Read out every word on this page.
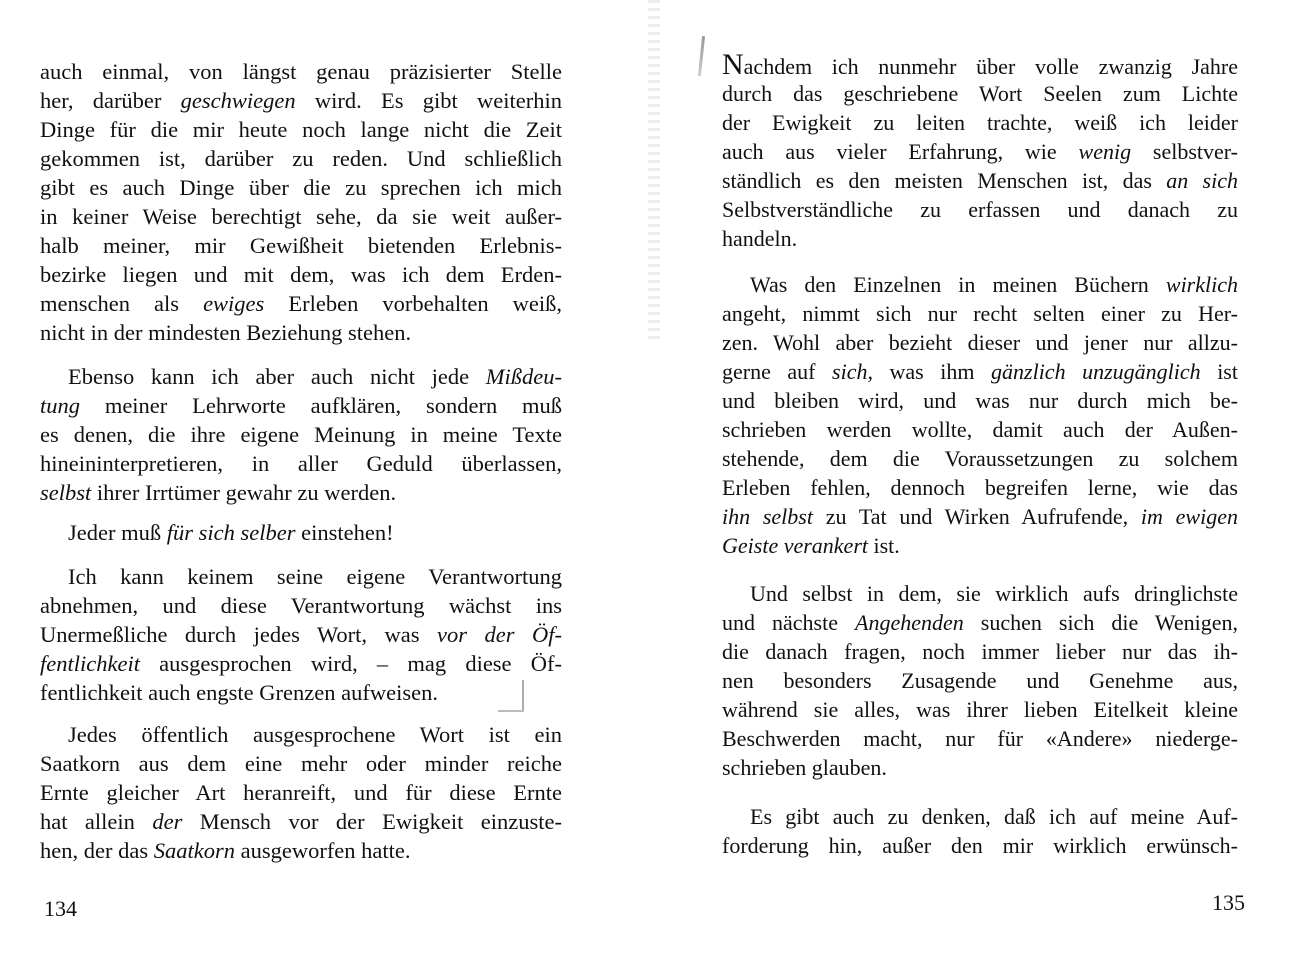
auch einmal, von längst genau präzisierter Stelle
her, darüber geschwiegen wird. Es gibt weiterhin
Dinge für die mir heute noch lange nicht die Zeit
gekommen ist, darüber zu reden. Und schließlich
gibt es auch Dinge über die zu sprechen ich mich
in keiner Weise berechtigt sehe, da sie weit außer-
halb meiner, mir Gewißheit bietenden Erlebnis-
bezirke liegen und mit dem, was ich dem Erden-
menschen als ewiges Erleben vorbehalten weiß,
nicht in der mindesten Beziehung stehen.
Ebenso kann ich aber auch nicht jede Mißdeu-
tung meiner Lehrworte aufklären, sondern muß
es denen, die ihre eigene Meinung in meine Texte
hineininterpretieren, in aller Geduld überlassen,
selbst ihrer Irrtümer gewahr zu werden.
Jeder muß für sich selber einstehen!
Ich kann keinem seine eigene Verantwortung
abnehmen, und diese Verantwortung wächst ins
Unermeßliche durch jedes Wort, was vor der Öf-
fentlichkeit ausgesprochen wird, – mag diese Öf-
fentlichkeit auch engste Grenzen aufweisen.
Jedes öffentlich ausgesprochene Wort ist ein
Saatkorn aus dem eine mehr oder minder reiche
Ernte gleicher Art heranreift, und für diese Ernte
hat allein der Mensch vor der Ewigkeit einzuste-
hen, der das Saatkorn ausgeworfen hatte.
Nachdem ich nunmehr über volle zwanzig Jahre
durch das geschriebene Wort Seelen zum Lichte
der Ewigkeit zu leiten trachte, weiß ich leider
auch aus vieler Erfahrung, wie wenig selbstver-
ständlich es den meisten Menschen ist, das an sich
Selbstverständliche zu erfassen und danach zu
handeln.
Was den Einzelnen in meinen Büchern wirklich
angeht, nimmt sich nur recht selten einer zu Her-
zen. Wohl aber bezieht dieser und jener nur allzu-
gerne auf sich, was ihm gänzlich unzugänglich ist
und bleiben wird, und was nur durch mich be-
schrieben werden wollte, damit auch der Außen-
stehende, dem die Voraussetzungen zu solchem
Erleben fehlen, dennoch begreifen lerne, wie das
ihn selbst zu Tat und Wirken Aufrufende, im ewigen
Geiste verankert ist.
Und selbst in dem, sie wirklich aufs dringlichste
und nächste Angehenden suchen sich die Wenigen,
die danach fragen, noch immer lieber nur das ih-
nen besonders Zusagende und Genehme aus,
während sie alles, was ihrer lieben Eitelkeit kleine
Beschwerden macht, nur für «Andere» niederge-
schrieben glauben.
Es gibt auch zu denken, daß ich auf meine Auf-
forderung hin, außer den mir wirklich erwünsch-
134	135
